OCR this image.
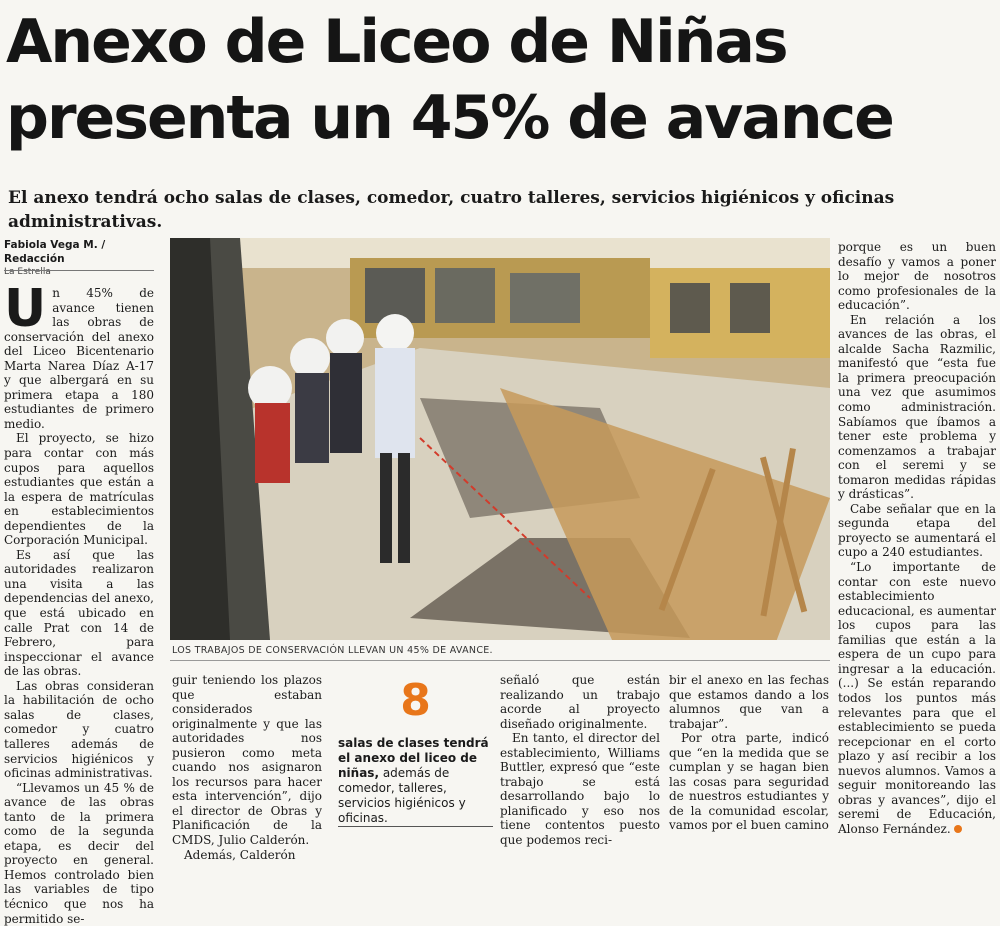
Anexo de Liceo de Niñas presenta un 45% de avance

El anexo tendrá ocho salas de clases, comedor, cuatro talleres, servicios higiénicos y oficinas administrativas.

Fabiola Vega M. / Redacción
La Estrella

Un 45% de avance tienen las obras de conservación del anexo del Liceo Bicentenario Marta Narea Díaz A-17 y que albergará en su primera etapa a 180 estudiantes de primero medio.

El proyecto, se hizo para contar con más cupos para aquellos estudiantes que están a la espera de matrículas en establecimientos dependientes de la Corporación Municipal.

Es así que las autoridades realizaron una visita a las dependencias del anexo, que está ubicado en calle Prat con 14 de Febrero, para inspeccionar el avance de las obras.

Las obras consideran la habilitación de ocho salas de clases, comedor y cuatro talleres además de servicios higiénicos y oficinas administrativas.

“Llevamos un 45 % de avance de las obras tanto de la primera como de la segunda etapa, es decir del proyecto en general. Hemos controlado bien las variables de tipo técnico que nos ha permitido se-

LOS TRABAJOS DE CONSERVACIÓN LLEVAN UN 45% DE AVANCE.

guir teniendo los plazos que estaban considerados originalmente y que las autoridades nos pusieron como meta cuando nos asignaron los recursos para hacer esta intervención”, dijo el director de Obras y Planificación de la CMDS, Julio Calderón.

Además, Calderón

8
salas de clases tendrá el anexo del liceo de niñas, además de comedor, talleres, servicios higiénicos y oficinas.

señaló que están realizando un trabajo acorde al proyecto diseñado originalmente.

En tanto, el director del establecimiento, Williams Buttler, expresó que “este trabajo se está desarrollando bajo lo planificado y eso nos tiene contentos puesto que podemos reci-

bir el anexo en las fechas que estamos dando a los alumnos que van a trabajar”.

Por otra parte, indicó que “en la medida que se cumplan y se hagan bien las cosas para seguridad de nuestros estudiantes y de la comunidad escolar, vamos por el buen camino

porque es un buen desafío y vamos a poner lo mejor de nosotros como profesionales de la educación”.

En relación a los avances de las obras, el alcalde Sacha Razmilic, manifestó que “esta fue la primera preocupación una vez que asumimos como administración. Sabíamos que íbamos a tener este problema y comenzamos a trabajar con el seremi y se tomaron medidas rápidas y drásticas”.

Cabe señalar que en la segunda etapa del proyecto se aumentará el cupo a 240 estudiantes.

“Lo importante de contar con este nuevo establecimiento educacional, es aumentar los cupos para las familias que están a la espera de un cupo para ingresar a la educación. (...) Se están reparando todos los puntos más relevantes para que el establecimiento se pueda recepcionar en el corto plazo y así recibir a los nuevos alumnos. Vamos a seguir monitoreando las obras y avances”, dijo el seremi de Educación, Alonso Fernández.
